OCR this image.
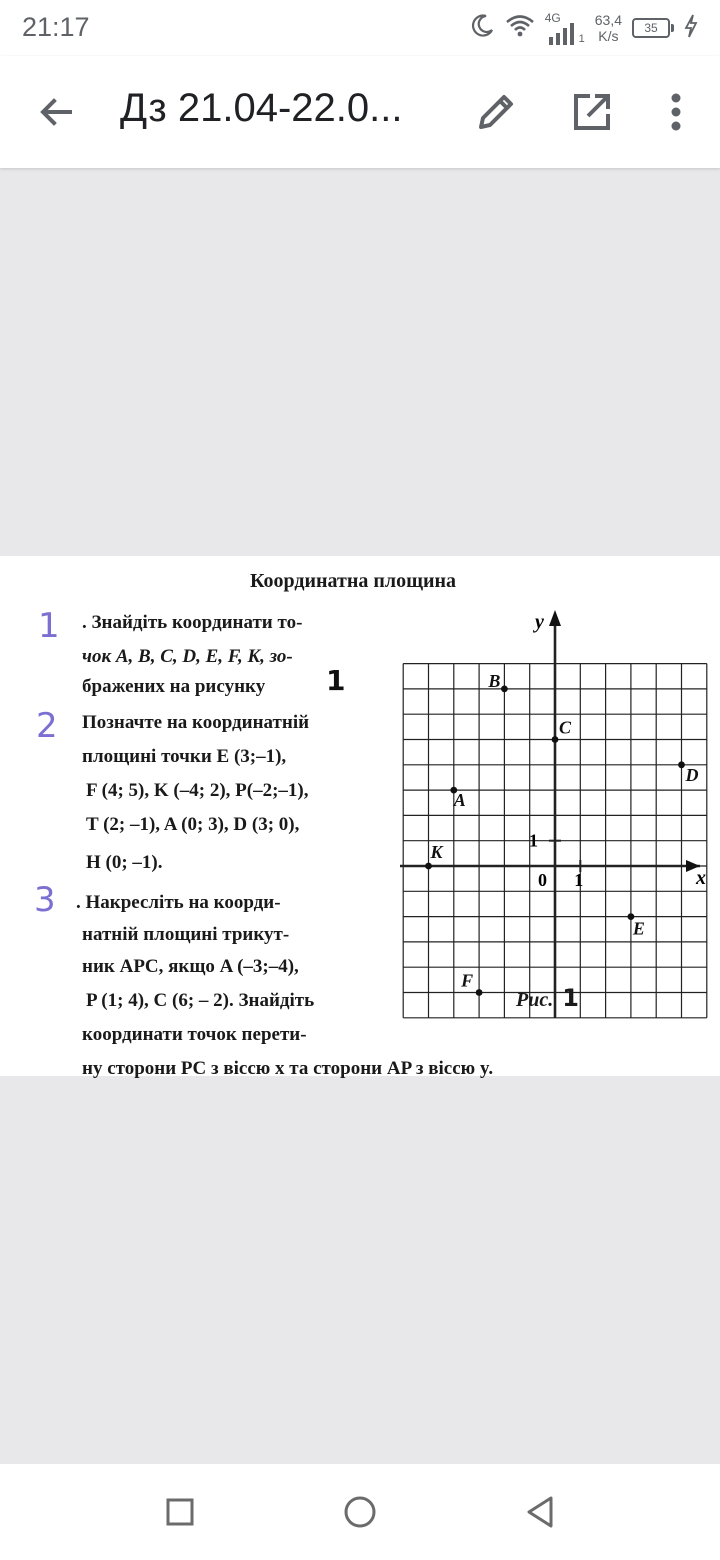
21:17	4G
1
63,4
K/s	35
Дз 21.04-22.0...
Координатна площина
1
2
3
. Знайдіть координати то-
чок A, B, C, D, E, F, K, зо-
бражених на рисунку 1
Позначте на координатній
площині точки E (3;–1),
F (4; 5), K (–4; 2), P(–2;–1),
T (2; –1), A (0; 3), D (3; 0),
H (0; –1).
. Накресліть на коорди-
натній площині трикут-
ник APC, якщо A (–3;–4),
P (1; 4), C (6; – 2). Знайдіть
координати точок перети-
ну сторони PC з віссю x та сторони AP з віссю y.
x
y
0 1
1
B
C
D
A
K
E
F
Рис. 1
